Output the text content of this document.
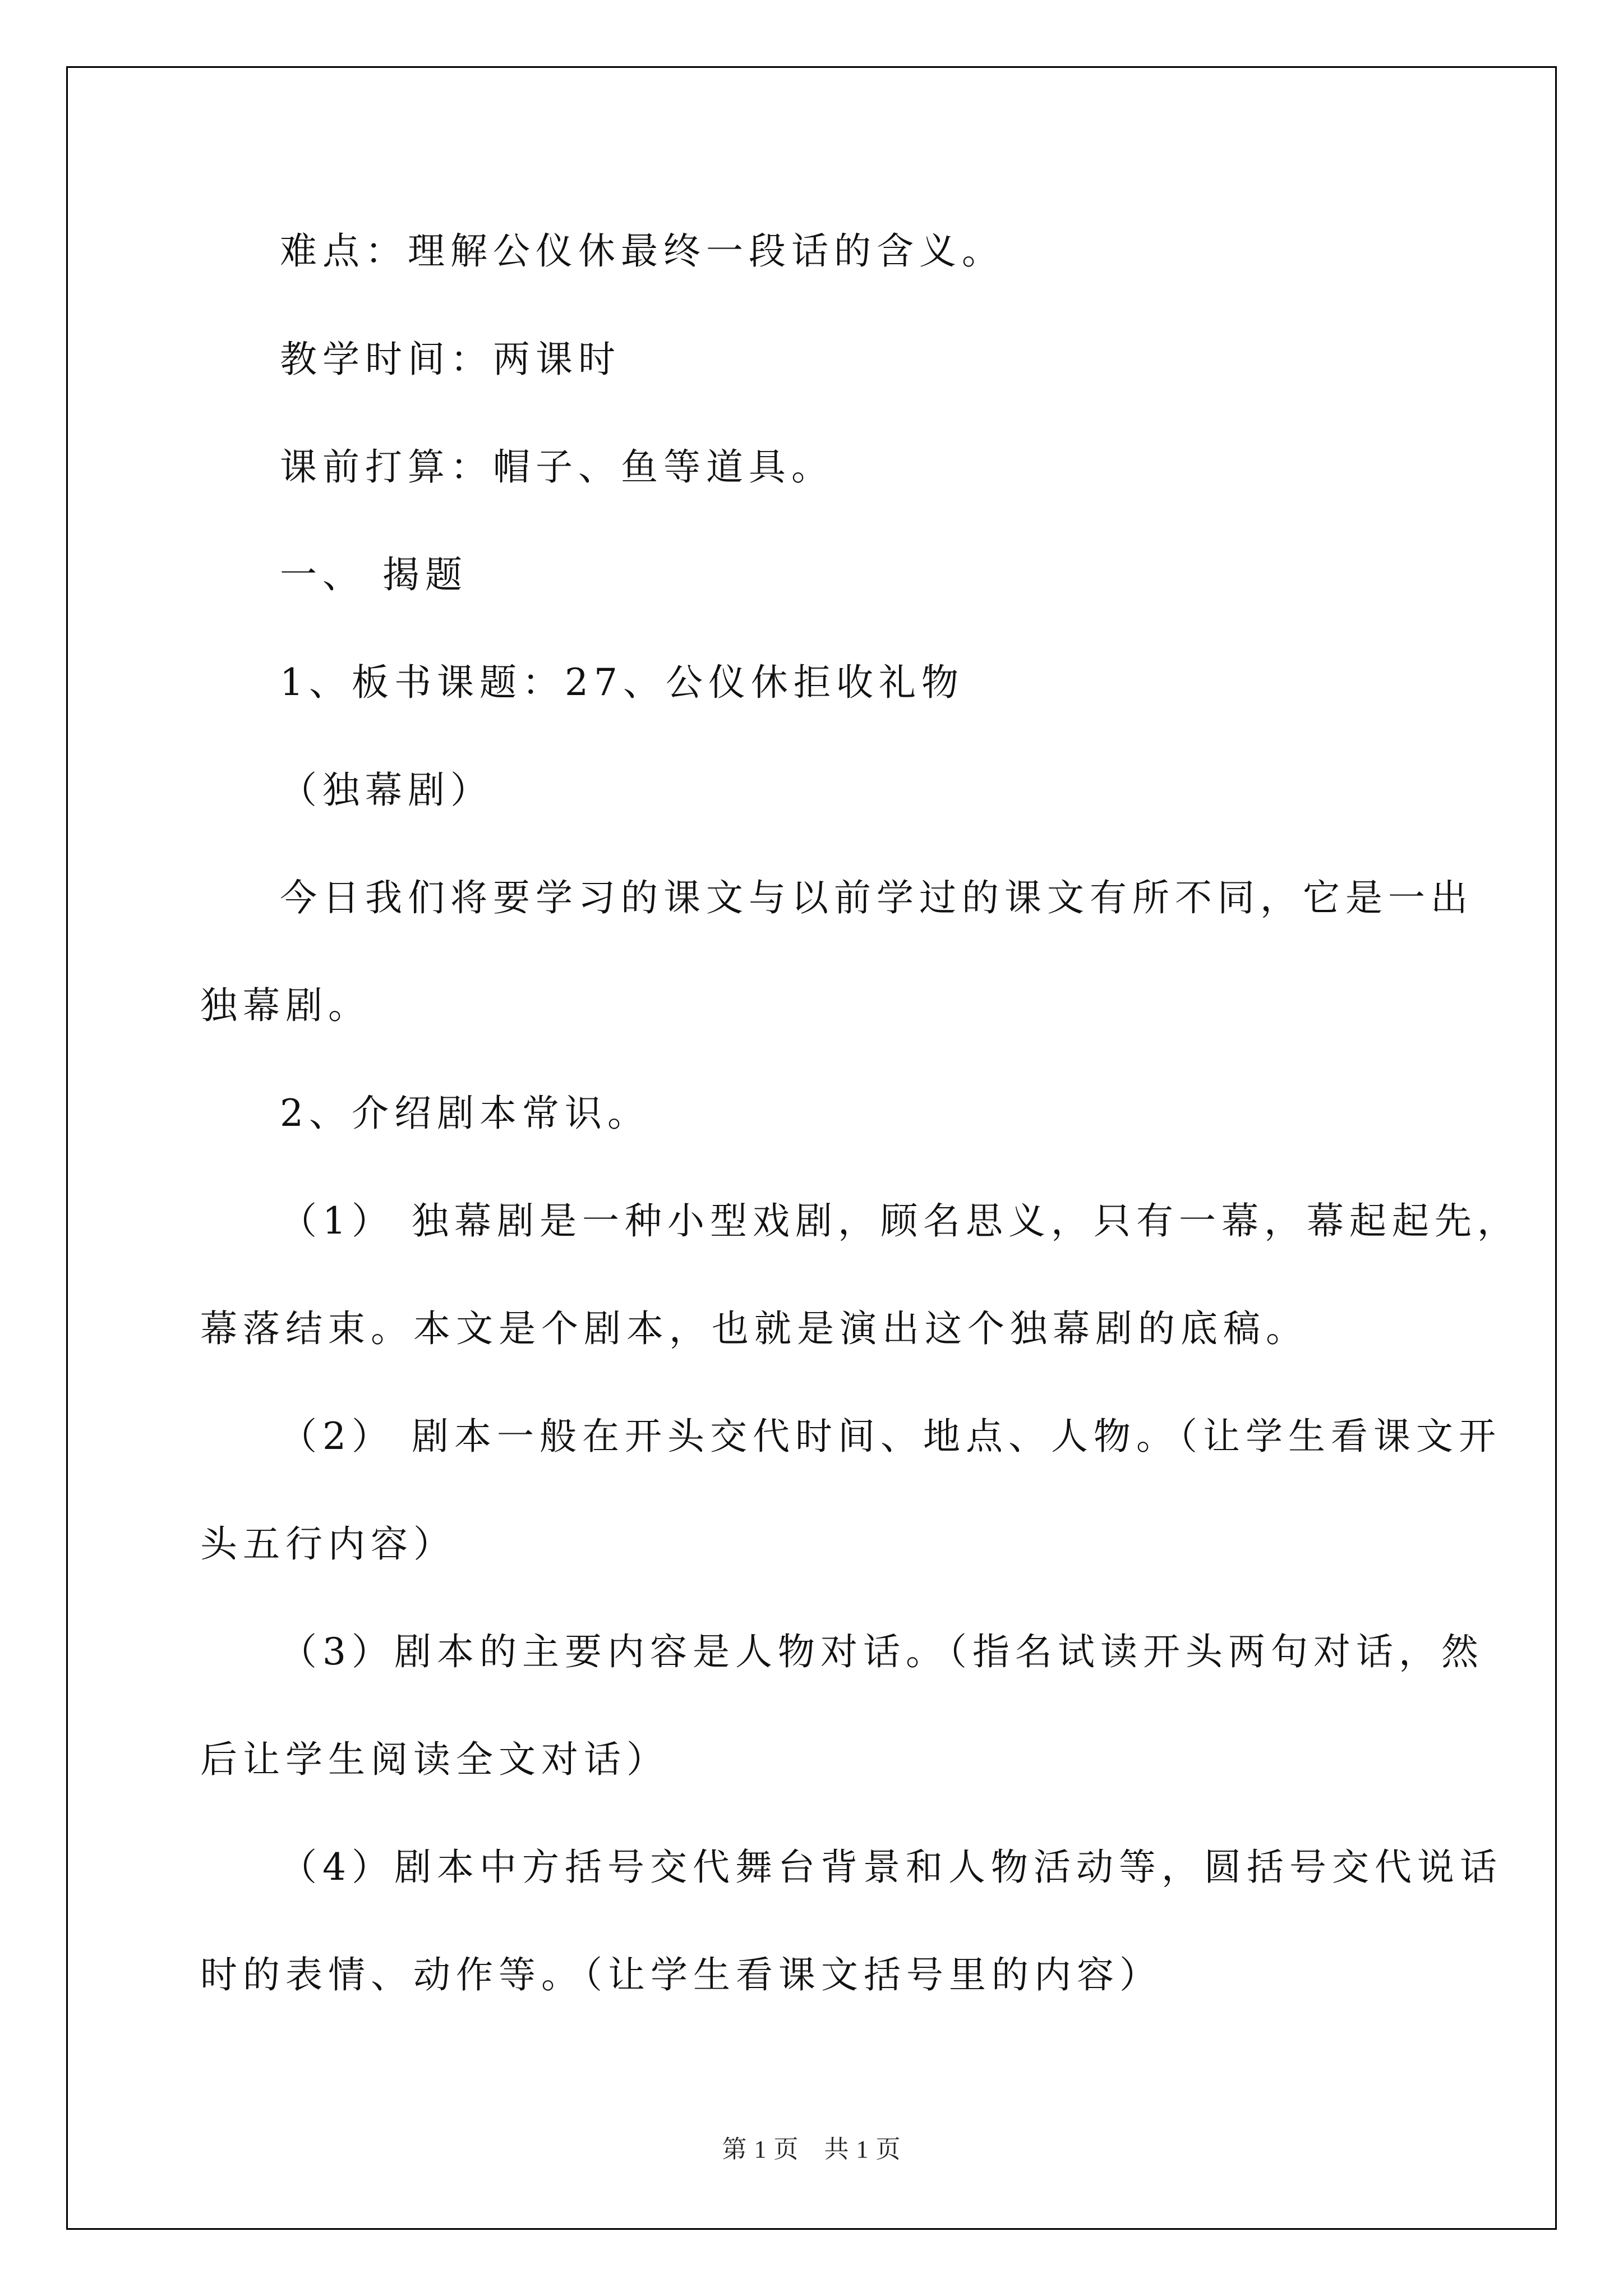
难点：理解公仪休最终一段话的含义。

教学时间：两课时

课前打算：帽子、鱼等道具。

一、 揭题

1、板书课题：27、公仪休拒收礼物

（独幕剧）

今日我们将要学习的课文与以前学过的课文有所不同，它是一出

独幕剧。

2、介绍剧本常识。

（1） 独幕剧是一种小型戏剧，顾名思义，只有一幕，幕起起先，

幕落结束。本文是个剧本，也就是演出这个独幕剧的底稿。

（2） 剧本一般在开头交代时间、地点、人物。（让学生看课文开

头五行内容）

（3）剧本的主要内容是人物对话。（指名试读开头两句对话，然

后让学生阅读全文对话）

（4）剧本中方括号交代舞台背景和人物活动等，圆括号交代说话

时的表情、动作等。（让学生看课文括号里的内容）

第 1 页　共 1 页
